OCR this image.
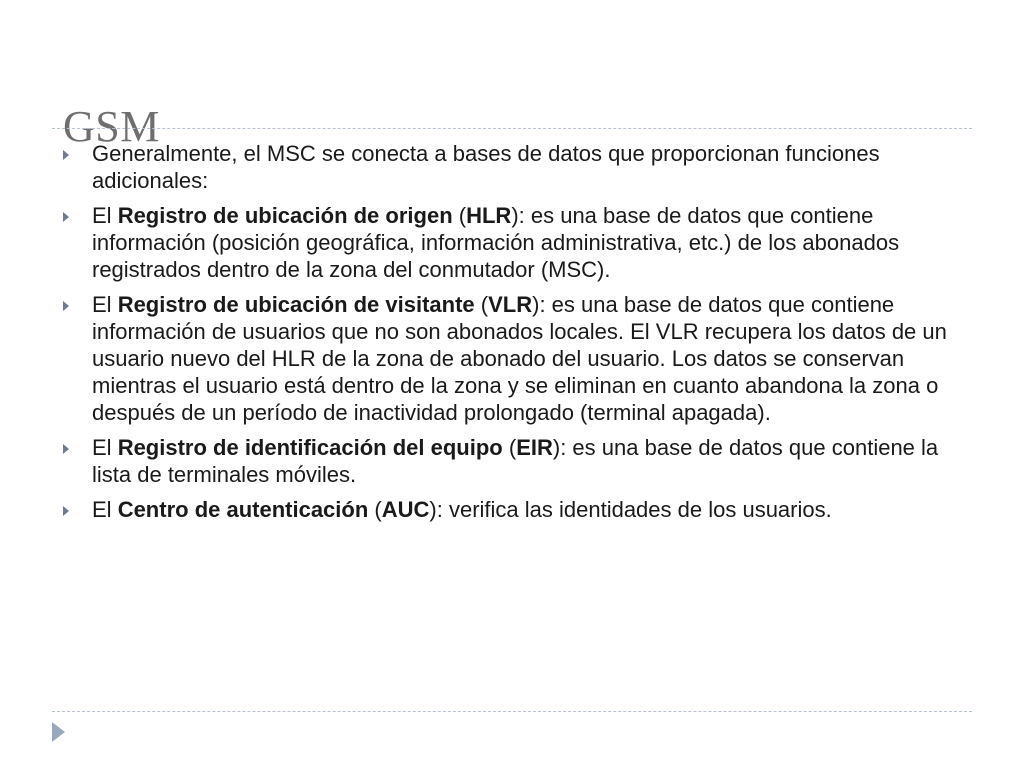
GSM
Generalmente, el MSC se conecta a bases de datos que proporcionan funciones adicionales:
El Registro de ubicación de origen (HLR): es una base de datos que contiene información (posición geográfica, información administrativa, etc.) de los abonados registrados dentro de la zona del conmutador (MSC).
El Registro de ubicación de visitante (VLR): es una base de datos que contiene información de usuarios que no son abonados locales. El VLR recupera los datos de un usuario nuevo del HLR de la zona de abonado del usuario. Los datos se conservan mientras el usuario está dentro de la zona y se eliminan en cuanto abandona la zona o después de un período de inactividad prolongado (terminal apagada).
El Registro de identificación del equipo (EIR): es una base de datos que contiene la lista de terminales móviles.
El Centro de autenticación (AUC): verifica las identidades de los usuarios.
